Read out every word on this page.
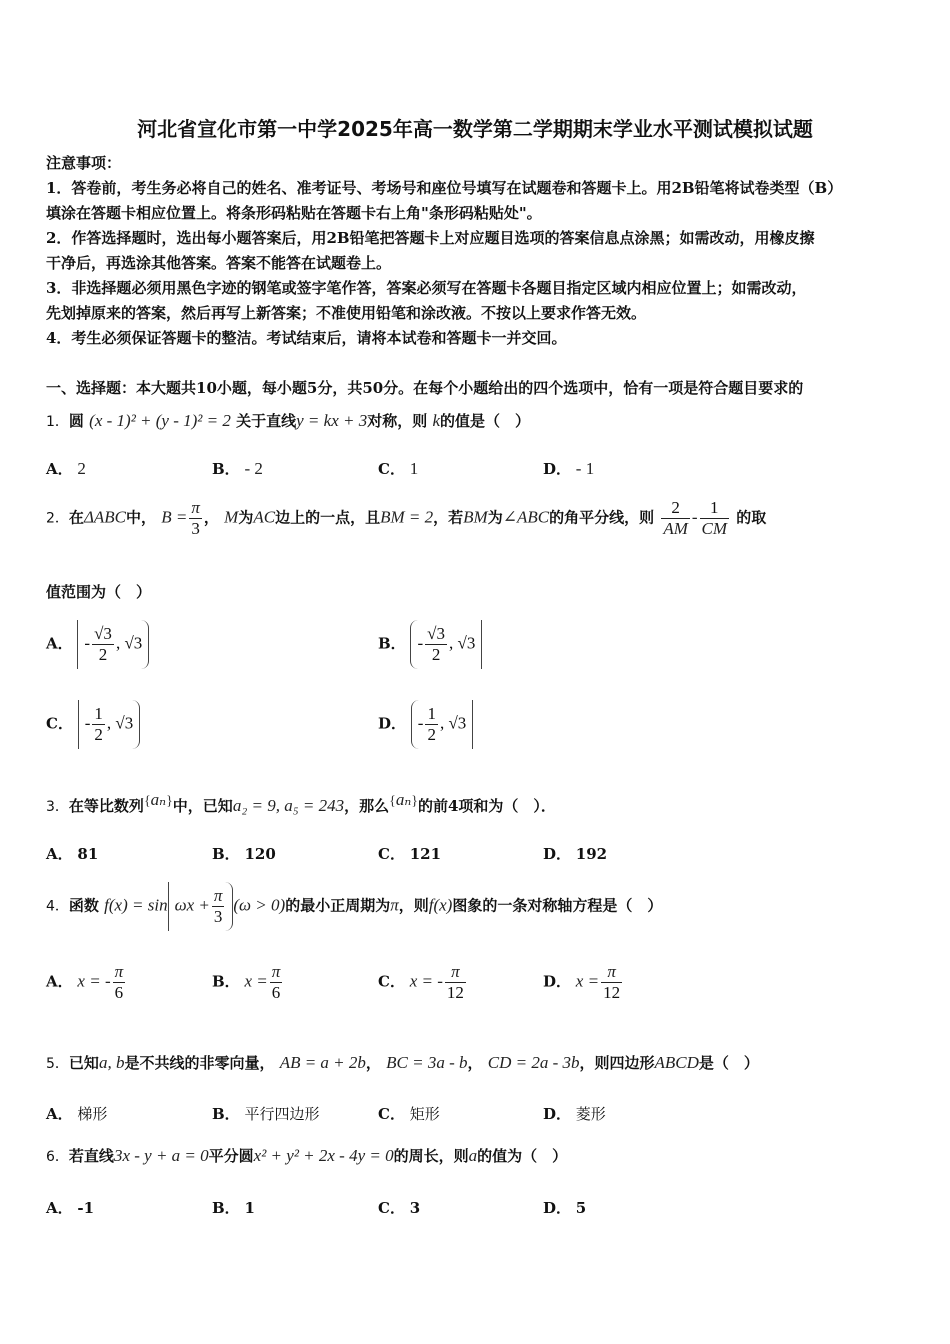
河北省宣化市第一中学2025年高一数学第二学期期末学业水平测试模拟试题
注意事项：
1．答卷前，考生务必将自己的姓名、准考证号、考场号和座位号填写在试题卷和答题卡上。用2B铅笔将试卷类型（B）
填涂在答题卡相应位置上。将条形码粘贴在答题卡右上角"条形码粘贴处"。
2．作答选择题时，选出每小题答案后，用2B铅笔把答题卡上对应题目选项的答案信息点涂黑；如需改动，用橡皮擦
干净后，再选涂其他答案。答案不能答在试题卷上。
3．非选择题必须用黑色字迹的钢笔或签字笔作答，答案必须写在答题卡各题目指定区域内相应位置上；如需改动，
先划掉原来的答案，然后再写上新答案；不准使用铅笔和涂改液。不按以上要求作答无效。
4．考生必须保证答题卡的整洁。考试结束后，请将本试卷和答题卡一并交回。
一、选择题：本大题共10小题，每小题5分，共50分。在每个小题给出的四个选项中，恰有一项是符合题目要求的
1．圆 (x - 1)² + (y - 1)² = 2 关于直线y = kx + 3对称，则 k的值是（　）
A． 2	B． - 2	C． 1	D． - 1
2．在ΔABC中， $B = \frac{\pi}{3}$ ， M为AC边上的一点，且BM = 2，若BM为∠ABC的角平分线，则 $\frac{2}{AM} - \frac{1}{CM}$ 的取
值范围为（　）
A． - $\frac{√3}{2}$ , √3	B． - $\frac{√3}{2}$ , √3
C． - $\frac{1}{2}$ , √3	D． - $\frac{1}{2}$ , √3
3．在等比数列{aₙ}中，已知a₂ = 9, a₅ = 243，那么{aₙ}的前4项和为（　）．
A． 81	B． 120	C． 121	D． 192
4．函数 $f(x) = \sin \omega x + \frac{\pi}{3} (\omega > 0)$的最小正周期为π，则f(x)图象的一条对称轴方程是（　）
A． x = - $\frac{\pi}{6}$	B． $x = \frac{\pi}{6}$	C． x = - $\frac{\pi}{12}$	D． $x = \frac{\pi}{12}$
5．已知a, b是不共线的非零向量， AB = a + 2b， BC = 3a - b， CD = 2a - 3b，则四边形ABCD是（　）
A． 梯形	B． 平行四边形	C． 矩形	D． 菱形
6．若直线3x - y + a = 0平分圆x² + y² + 2x - 4y = 0的周长，则a的值为（　）
A． -1	B． 1	C． 3	D． 5
